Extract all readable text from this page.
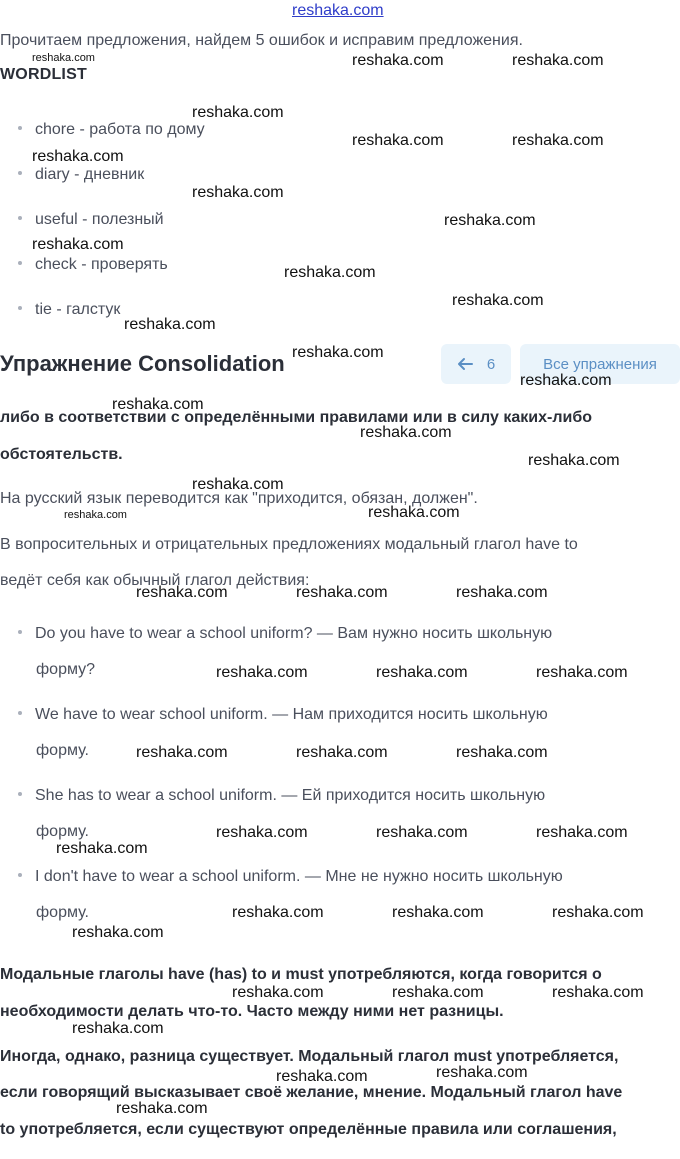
reshaka.com
Прочитаем предложения, найдем 5 ошибок и исправим предложения.
WORDLIST
chore - работа по дому
diary - дневник
useful - полезный
check - проверять
tie - галстук
Упражнение Consolidation	6	Все упражнения
либо в соответствии с определёнными правилами или в силу каких-либо
обстоятельств.
На русский язык переводится как "приходится, обязан, должен".
В вопросительных и отрицательных предложениях модальный глагол have to
ведёт себя как обычный глагол действия:
Do you have to wear a school uniform? — Вам нужно носить школьную
форму?
We have to wear school uniform. — Нам приходится носить школьную
форму.
She has to wear a school uniform. — Ей приходится носить школьную
форму.
I don't have to wear a school uniform. — Мне не нужно носить школьную
форму.
Модальные глаголы have (has) to и must употребляются, когда говорится о
необходимости делать что-то. Часто между ними нет разницы.
Иногда, однако, разница существует. Модальный глагол must употребляется,
если говорящий высказывает своё желание, мнение. Модальный глагол have
to употребляется, если существуют определённые правила или соглашения,
reshaka.com	reshaka.com	reshaka.com
reshaka.com
reshaka.com	reshaka.com
reshaka.com
reshaka.com
reshaka.com
reshaka.com
reshaka.com
reshaka.com
reshaka.com
reshaka.com
reshaka.com
reshaka.com
reshaka.com
reshaka.com
reshaka.com
reshaka.com	reshaka.com
reshaka.com	reshaka.com	reshaka.com
reshaka.com	reshaka.com	reshaka.com
reshaka.com	reshaka.com	reshaka.com
reshaka.com	reshaka.com	reshaka.com
reshaka.com
reshaka.com	reshaka.com	reshaka.com
reshaka.com
reshaka.com	reshaka.com	reshaka.com
reshaka.com
reshaka.com
reshaka.com
reshaka.com
